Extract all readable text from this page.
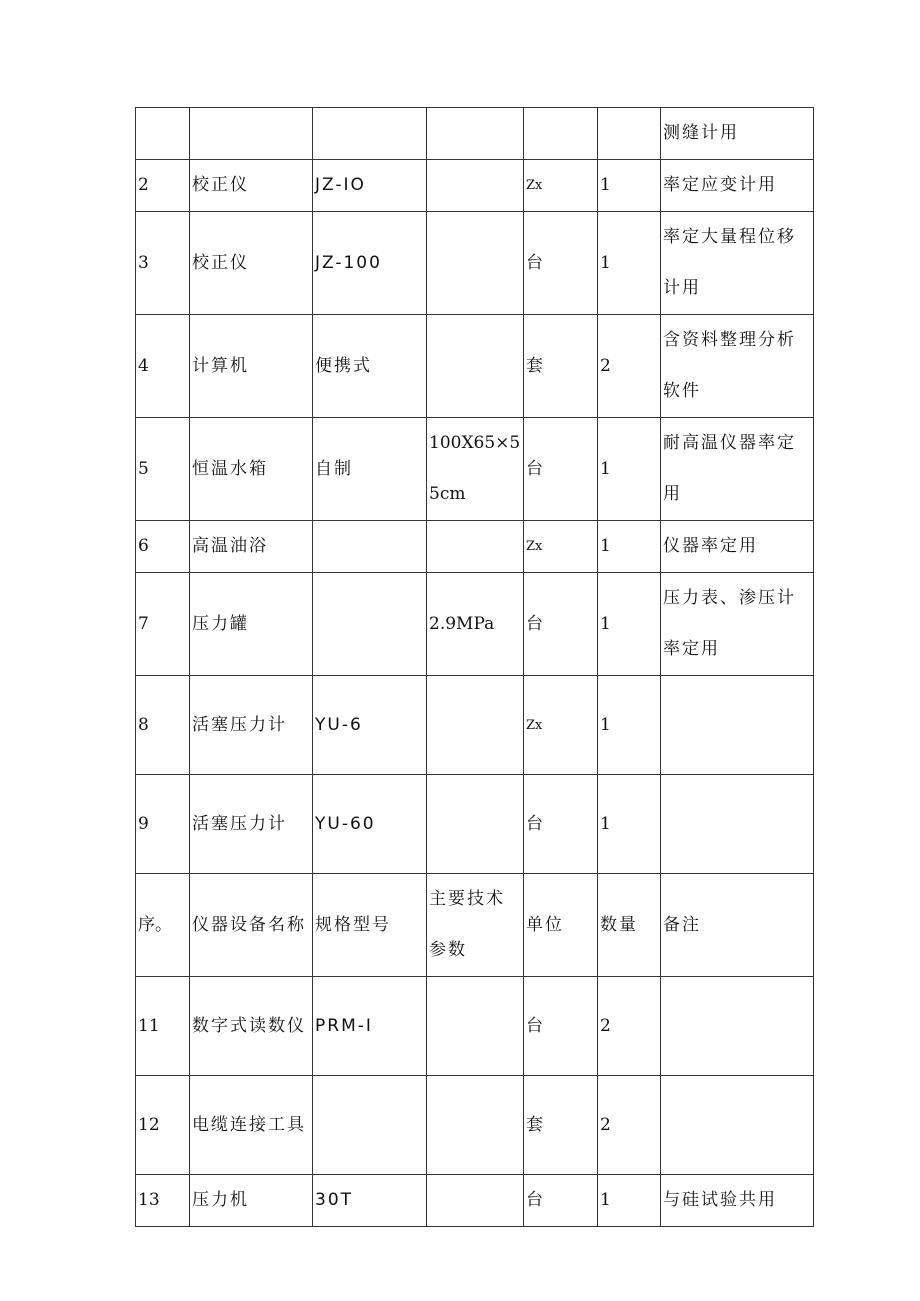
						测缝计用
2	校正仪	JZ-IO		Zx	1	率定应变计用
3	校正仪	JZ-100		台	1	率定大量程位移计用
4	计算机	便携式		套	2	含资料整理分析软件
5	恒温水箱	自制	100X65×55cm	台	1	耐高温仪器率定用
6	高温油浴			Zx	1	仪器率定用
7	压力罐		2.9MPa	台	1	压力表、渗压计率定用
8	活塞压力计	YU-6		Zx	1	
9	活塞压力计	YU-60		台	1	
序。	仪器设备名称	规格型号	主要技术参数	单位	数量	备注
11	数字式读数仪	PRM-I		台	2	
12	电缆连接工具			套	2	
13	压力机	30T		台	1	与硅试验共用
